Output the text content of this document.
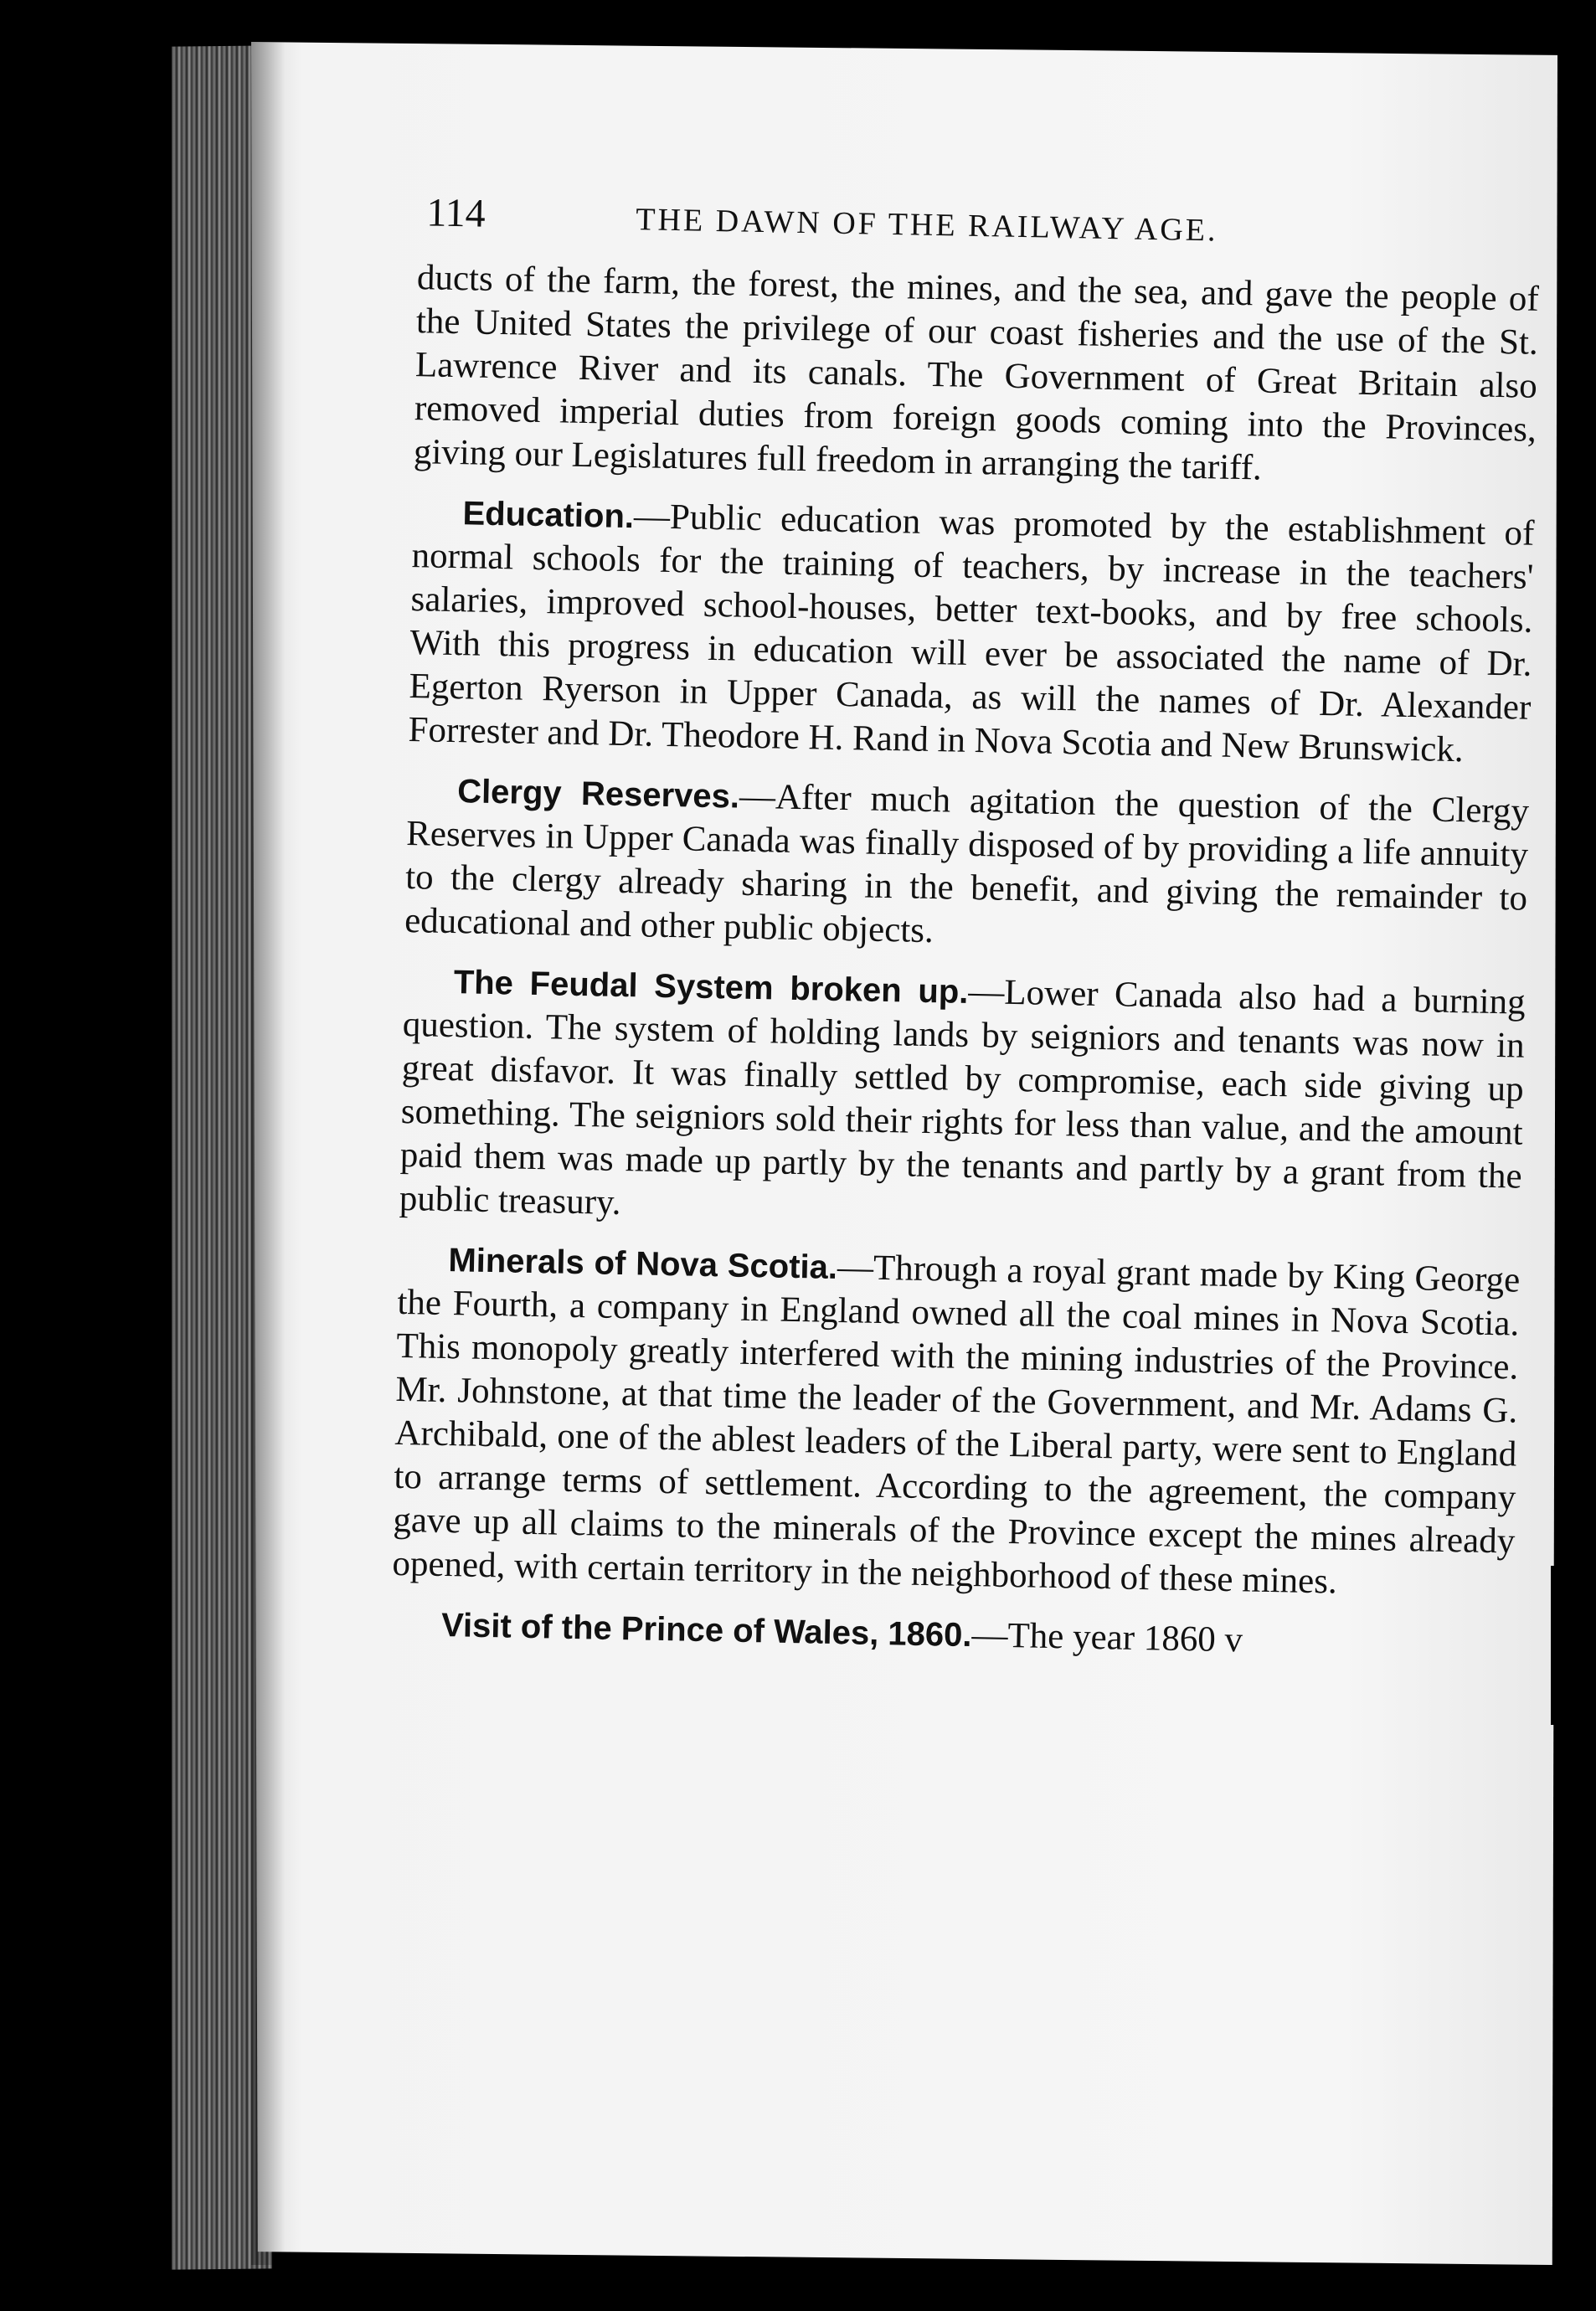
114	THE DAWN OF THE RAILWAY AGE.

ducts of the farm, the forest, the mines, and the sea, and gave the people of the United States the privilege of our coast fisheries and the use of the St. Lawrence River and its canals. The Government of Great Britain also removed imperial duties from foreign goods coming into the Provinces, giving our Legislatures full freedom in arranging the tariff.

Education.—Public education was promoted by the establishment of normal schools for the training of teachers, by increase in the teachers' salaries, improved school-houses, better text-books, and by free schools. With this progress in education will ever be associated the name of Dr. Egerton Ryerson in Upper Canada, as will the names of Dr. Alexander Forrester and Dr. Theodore H. Rand in Nova Scotia and New Brunswick.

Clergy Reserves.—After much agitation the question of the Clergy Reserves in Upper Canada was finally disposed of by providing a life annuity to the clergy already sharing in the benefit, and giving the remainder to educational and other public objects.

The Feudal System broken up.—Lower Canada also had a burning question. The system of holding lands by seigniors and tenants was now in great disfavor. It was finally settled by compromise, each side giving up something. The seigniors sold their rights for less than value, and the amount paid them was made up partly by the tenants and partly by a grant from the public treasury.

Minerals of Nova Scotia.—Through a royal grant made by King George the Fourth, a company in England owned all the coal mines in Nova Scotia. This monopoly greatly interfered with the mining industries of the Province. Mr. Johnstone, at that time the leader of the Government, and Mr. Adams G. Archibald, one of the ablest leaders of the Liberal party, were sent to England to arrange terms of settlement. According to the agreement, the company gave up all claims to the minerals of the Province except the mines already opened, with certain territory in the neighborhood of these mines.

Visit of the Prince of Wales, 1860.—The year 1860 v
